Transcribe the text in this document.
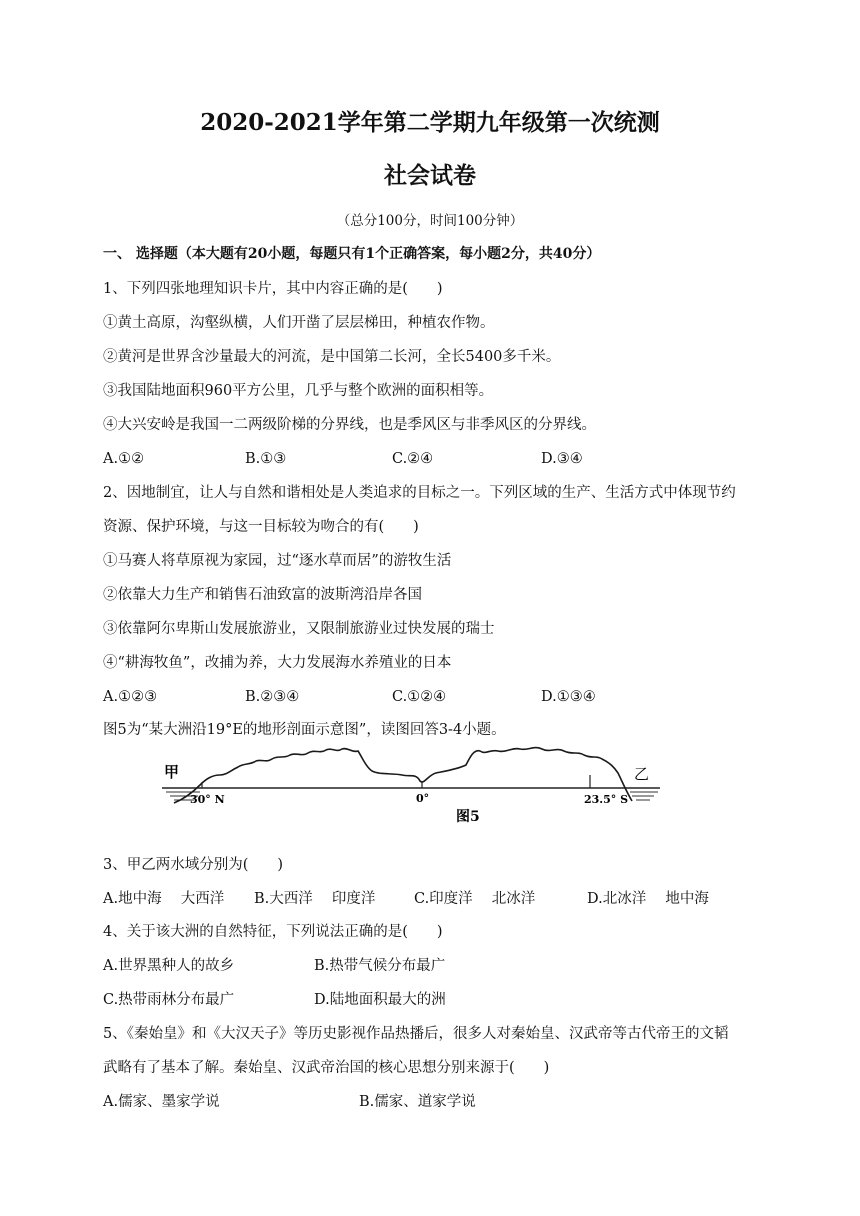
2020-2021学年第二学期九年级第一次统测
社会试卷
（总分100分，时间100分钟）
一、 选择题（本大题有20小题，每题只有1个正确答案，每小题2分，共40分）
1、下列四张地理知识卡片，其中内容正确的是(　　)
①黄土高原，沟壑纵横，人们开凿了层层梯田，种植农作物。
②黄河是世界含沙量最大的河流，是中国第二长河，全长5400多千米。
③我国陆地面积960平方公里，几乎与整个欧洲的面积相等。
④大兴安岭是我国一二两级阶梯的分界线，也是季风区与非季风区的分界线。
A.①②	B.①③	C.②④	D.③④
2、因地制宜，让人与自然和谐相处是人类追求的目标之一。下列区域的生产、生活方式中体现节约
资源、保护环境，与这一目标较为吻合的有(　　)
①马赛人将草原视为家园，过“逐水草而居”的游牧生活
②依靠大力生产和销售石油致富的波斯湾沿岸各国
③依靠阿尔卑斯山发展旅游业，又限制旅游业过快发展的瑞士
④“耕海牧鱼”，改捕为养，大力发展海水养殖业的日本
A.①②③	B.②③④	C.①②④	D.①③④
图5为“某大洲沿19°E的地形剖面示意图”，读图回答3-4小题。
甲	乙
30° N	0°	23.5° S
图5
3、甲乙两水域分别为(　　)
A.地中海　 大西洋 B.大西洋　 印度洋	C.印度洋　 北冰洋	D.北冰洋　 地中海
4、关于该大洲的自然特征，下列说法正确的是(　　)
A.世界黑种人的故乡	B.热带气候分布最广
C.热带雨林分布最广	D.陆地面积最大的洲
5、《秦始皇》和《大汉天子》等历史影视作品热播后，很多人对秦始皇、汉武帝等古代帝王的文韬
武略有了基本了解。秦始皇、汉武帝治国的核心思想分别来源于(　　)
A.儒家、墨家学说	B.儒家、道家学说
